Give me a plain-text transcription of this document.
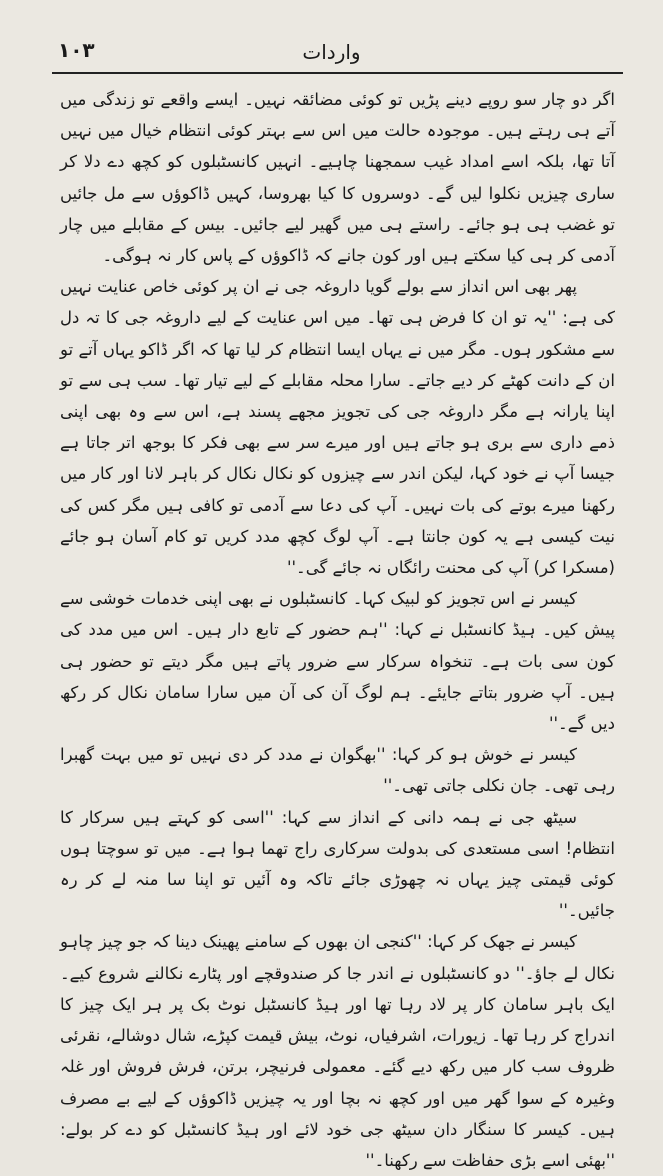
۱۰۳	واردات

اگر دو چار سو روپے دینے پڑیں تو کوئی مضائقہ نہیں۔ ایسے واقعے تو زندگی میں آتے ہی رہتے ہیں۔ موجودہ حالت میں اس سے بہتر کوئی انتظام خیال میں نہیں آتا تھا، بلکہ اسے امداد غیب سمجھنا چاہیے۔ انہیں کانسٹبلوں کو کچھ دے دلا کر ساری چیزیں نکلوا لیں گے۔ دوسروں کا کیا بھروسا، کہیں ڈاکوؤں سے مل جائیں تو غضب ہی ہو جائے۔ راستے ہی میں گھیر لیے جائیں۔ بیس کے مقابلے میں چار آدمی کر ہی کیا سکتے ہیں اور کون جانے کہ ڈاکوؤں کے پاس کار نہ ہوگی۔

پھر بھی اس انداز سے بولے گویا داروغہ جی نے ان پر کوئی خاص عنایت نہیں کی ہے: ''یہ تو ان کا فرض ہی تھا۔ میں اس عنایت کے لیے داروغہ جی کا تہ دل سے مشکور ہوں۔ مگر میں نے یہاں ایسا انتظام کر لیا تھا کہ اگر ڈاکو یہاں آتے تو ان کے دانت کھٹے کر دیے جاتے۔ سارا محلہ مقابلے کے لیے تیار تھا۔ سب ہی سے تو اپنا یارانہ ہے مگر داروغہ جی کی تجویز مجھے پسند ہے، اس سے وہ بھی اپنی ذمے داری سے بری ہو جاتے ہیں اور میرے سر سے بھی فکر کا بوجھ اتر جاتا ہے جیسا آپ نے خود کہا، لیکن اندر سے چیزوں کو نکال نکال کر باہر لانا اور کار میں رکھنا میرے بوتے کی بات نہیں۔ آپ کی دعا سے آدمی تو کافی ہیں مگر کس کی نیت کیسی ہے یہ کون جانتا ہے۔ آپ لوگ کچھ مدد کریں تو کام آسان ہو جائے (مسکرا کر) آپ کی محنت رائگاں نہ جائے گی۔''

کیسر نے اس تجویز کو لبیک کہا۔ کانسٹبلوں نے بھی اپنی خدمات خوشی سے پیش کیں۔ ہیڈ کانسٹبل نے کہا: ''ہم حضور کے تابع دار ہیں۔ اس میں مدد کی کون سی بات ہے۔ تنخواہ سرکار سے ضرور پاتے ہیں مگر دیتے تو حضور ہی ہیں۔ آپ ضرور بتاتے جایئے۔ ہم لوگ آن کی آن میں سارا سامان نکال کر رکھ دیں گے۔''

کیسر نے خوش ہو کر کہا: ''بھگوان نے مدد کر دی نہیں تو میں بہت گھبرا رہی تھی۔ جان نکلی جاتی تھی۔''

سیٹھ جی نے ہمہ دانی کے انداز سے کہا: ''اسی کو کہتے ہیں سرکار کا انتظام! اسی مستعدی کی بدولت سرکاری راج تھما ہوا ہے۔ میں تو سوچتا ہوں کوئی قیمتی چیز یہاں نہ چھوڑی جائے تاکہ وہ آئیں تو اپنا سا منہ لے کر رہ جائیں۔''

کیسر نے جھک کر کہا: ''کنجی ان بھوں کے سامنے پھینک دینا کہ جو چیز چاہو نکال لے جاؤ۔'' دو کانسٹبلوں نے اندر جا کر صندوقچے اور پٹارے نکالنے شروع کیے۔ ایک باہر سامان کار پر لاد رہا تھا اور ہیڈ کانسٹبل نوٹ بک پر ہر ایک چیز کا اندراج کر رہا تھا۔ زیورات، اشرفیاں، نوٹ، بیش قیمت کپڑے، شال دوشالے، نقرئی ظروف سب کار میں رکھ دیے گئے۔ معمولی فرنیچر، برتن، فرش فروش اور غلہ وغیرہ کے سوا گھر میں اور کچھ نہ بچا اور یہ چیزیں ڈاکوؤں کے لیے بے مصرف ہیں۔ کیسر کا سنگار دان سیٹھ جی خود لائے اور ہیڈ کانسٹبل کو دے کر بولے: ''بھئی اسے بڑی حفاظت سے رکھنا۔''
